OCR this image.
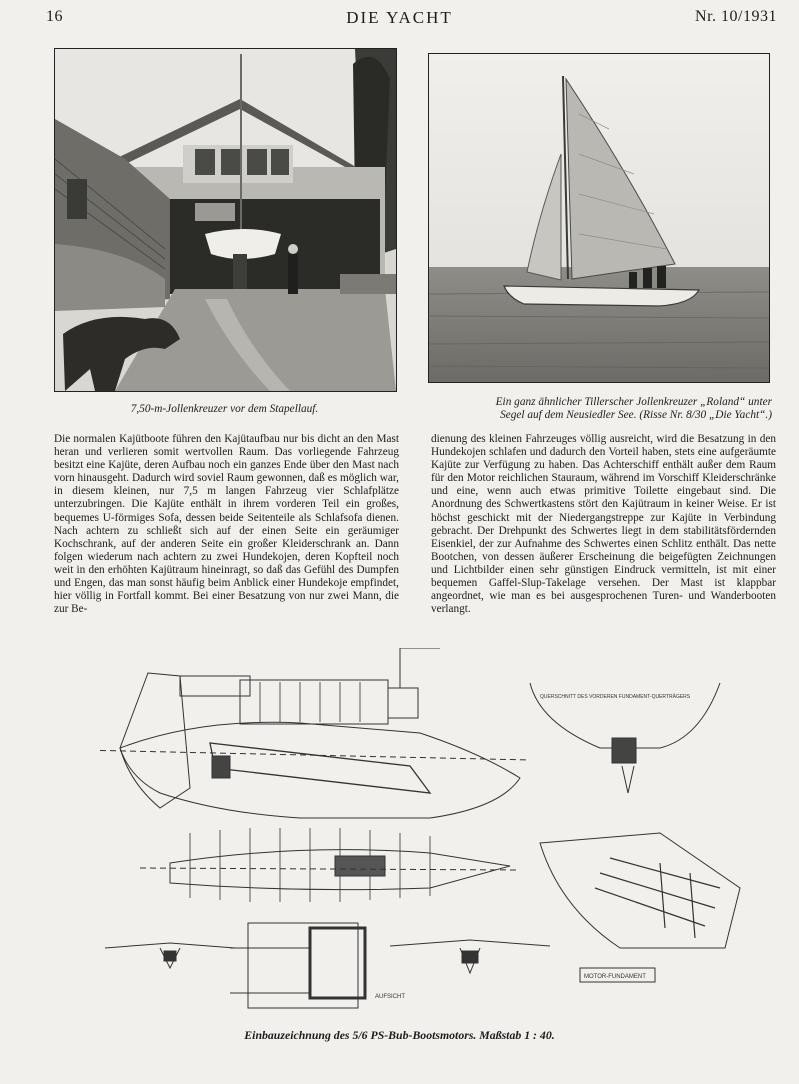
16	DIE YACHT	Nr. 10/1931
7,50-m-Jollenkreuzer vor dem Stapellauf.
Ein ganz ähnlicher Tillerscher Jollenkreuzer „Roland“ unter
Segel auf dem Neusiedler See. (Risse Nr. 8/30 „Die Yacht“.)

Die normalen Kajütboote führen den Kajütaufbau nur bis dicht an den Mast heran und verlieren somit wertvollen Raum. Das vorliegende Fahrzeug besitzt eine Kajüte, deren Aufbau noch ein ganzes Ende über den Mast nach vorn hinausgeht. Dadurch wird soviel Raum gewonnen, daß es möglich war, in diesem kleinen, nur 7,5 m langen Fahrzeug vier Schlafplätze unterzubringen. Die Kajüte enthält in ihrem vorderen Teil ein großes, bequemes U-förmiges Sofa, dessen beide Seitenteile als Schlafsofa dienen. Nach achtern zu schließt sich auf der einen Seite ein geräumiger Kochschrank, auf der anderen Seite ein großer Kleiderschrank an. Dann folgen wiederum nach achtern zu zwei Hundekojen, deren Kopfteil noch weit in den erhöhten Kajütraum hineinragt, so daß das Gefühl des Dumpfen und Engen, das man sonst häufig beim Anblick einer Hundekoje empfindet, hier völlig in Fortfall kommt. Bei einer Besatzung von nur zwei Mann, die zur Be-

dienung des kleinen Fahrzeuges völlig ausreicht, wird die Besatzung in den Hundekojen schlafen und dadurch den Vorteil haben, stets eine aufgeräumte Kajüte zur Verfügung zu haben. Das Achterschiff enthält außer dem Raum für den Motor reichlichen Stauraum, während im Vorschiff Kleiderschränke und eine, wenn auch etwas primitive Toilette eingebaut sind. Die Anordnung des Schwertkastens stört den Kajütraum in keiner Weise. Er ist höchst geschickt mit der Niedergangstreppe zur Kajüte in Verbindung gebracht. Der Drehpunkt des Schwertes liegt in dem stabilitätsfördernden Eisenkiel, der zur Aufnahme des Schwertes einen Schlitz enthält. Das nette Bootchen, von dessen äußerer Erscheinung die beigefügten Zeichnungen und Lichtbilder einen sehr günstigen Eindruck vermitteln, ist mit einer bequemen Gaffel-Slup-Takelage versehen. Der Mast ist klappbar angeordnet, wie man es bei ausgesprochenen Turen- und Wanderbooten verlangt.

QUERSCHNITT DES VORDEREN FUNDAMENT-QUERTRÄGERS
MOTOR-FUNDAMENT
AUFSICHT
Einbauzeichnung des 5/6 PS-Bub-Bootsmotors. Maßstab 1 : 40.
